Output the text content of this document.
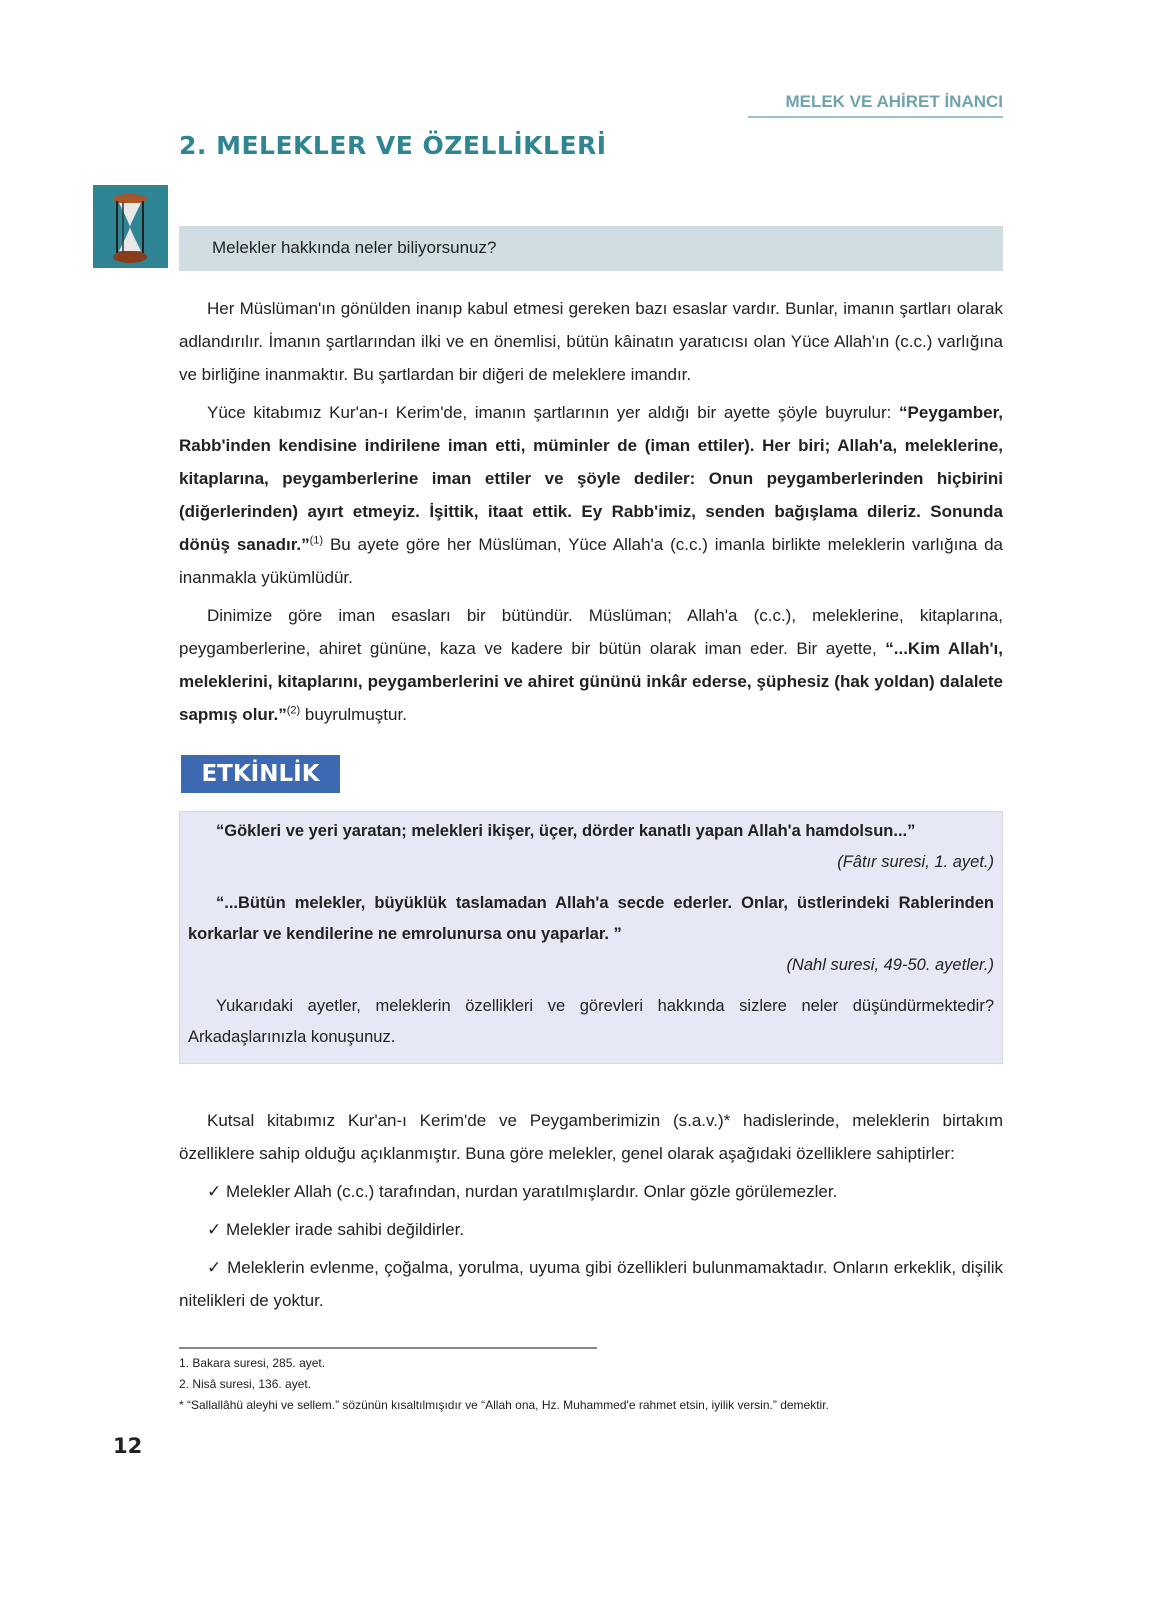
MELEK VE AHİRET İNANCI
2. MELEKLER VE ÖZELLİKLERİ
Melekler hakkında neler biliyorsunuz?

Her Müslüman'ın gönülden inanıp kabul etmesi gereken bazı esaslar vardır. Bunlar, imanın şartları olarak adlandırılır. İmanın şartlarından ilki ve en önemlisi, bütün kâinatın yaratıcısı olan Yüce Allah'ın (c.c.) varlığına ve birliğine inanmaktır. Bu şartlardan bir diğeri de meleklere imandır.

Yüce kitabımız Kur'an-ı Kerim'de, imanın şartlarının yer aldığı bir ayette şöyle buyrulur: “Peygamber, Rabb'inden kendisine indirilene iman etti, müminler de (iman ettiler). Her biri; Allah'a, meleklerine, kitaplarına, peygamberlerine iman ettiler ve şöyle dediler: Onun peygamberlerinden hiçbirini (diğerlerinden) ayırt etmeyiz. İşittik, itaat ettik. Ey Rabb'imiz, senden bağışlama dileriz. Sonunda dönüş sanadır.”$^{(1)}$ Bu ayete göre her Müslüman, Yüce Allah'a (c.c.) imanla birlikte meleklerin varlığına da inanmakla yükümlüdür.

Dinimize göre iman esasları bir bütündür. Müslüman; Allah'a (c.c.), meleklerine, kitaplarına, peygamberlerine, ahiret gününe, kaza ve kadere bir bütün olarak iman eder. Bir ayette, “...Kim Allah'ı, meleklerini, kitaplarını, peygamberlerini ve ahiret gününü inkâr ederse, şüphesiz (hak yoldan) dalalete sapmış olur.”$^{(2)}$ buyrulmuştur.

ETKİNLİK

“Gökleri ve yeri yaratan; melekleri ikişer, üçer, dörder kanatlı yapan Allah'a hamdolsun...”

(Fâtır suresi, 1. ayet.)

“...Bütün melekler, büyüklük taslamadan Allah'a secde ederler. Onlar, üstlerindeki Rablerinden korkarlar ve kendilerine ne emrolunursa onu yaparlar. ”

(Nahl suresi, 49-50. ayetler.)

Yukarıdaki ayetler, meleklerin özellikleri ve görevleri hakkında sizlere neler düşündürmektedir? Arkadaşlarınızla konuşunuz.

Kutsal kitabımız Kur'an-ı Kerim'de ve Peygamberimizin (s.a.v.)* hadislerinde, meleklerin birtakım özelliklere sahip olduğu açıklanmıştır. Buna göre melekler, genel olarak aşağıdaki özelliklere sahiptirler:

✓ Melekler Allah (c.c.) tarafından, nurdan yaratılmışlardır. Onlar gözle görülemezler.

✓ Melekler irade sahibi değildirler.

✓ Meleklerin evlenme, çoğalma, yorulma, uyuma gibi özellikleri bulunmamaktadır. Onların erkeklik, dişilik nitelikleri de yoktur.

1. Bakara suresi, 285. ayet.
2. Nisâ suresi, 136. ayet.
* “Sallallâhü aleyhi ve sellem.” sözünün kısaltılmışıdır ve “Allah ona, Hz. Muhammed'e rahmet etsin, iyilik versin.” demektir.
12
